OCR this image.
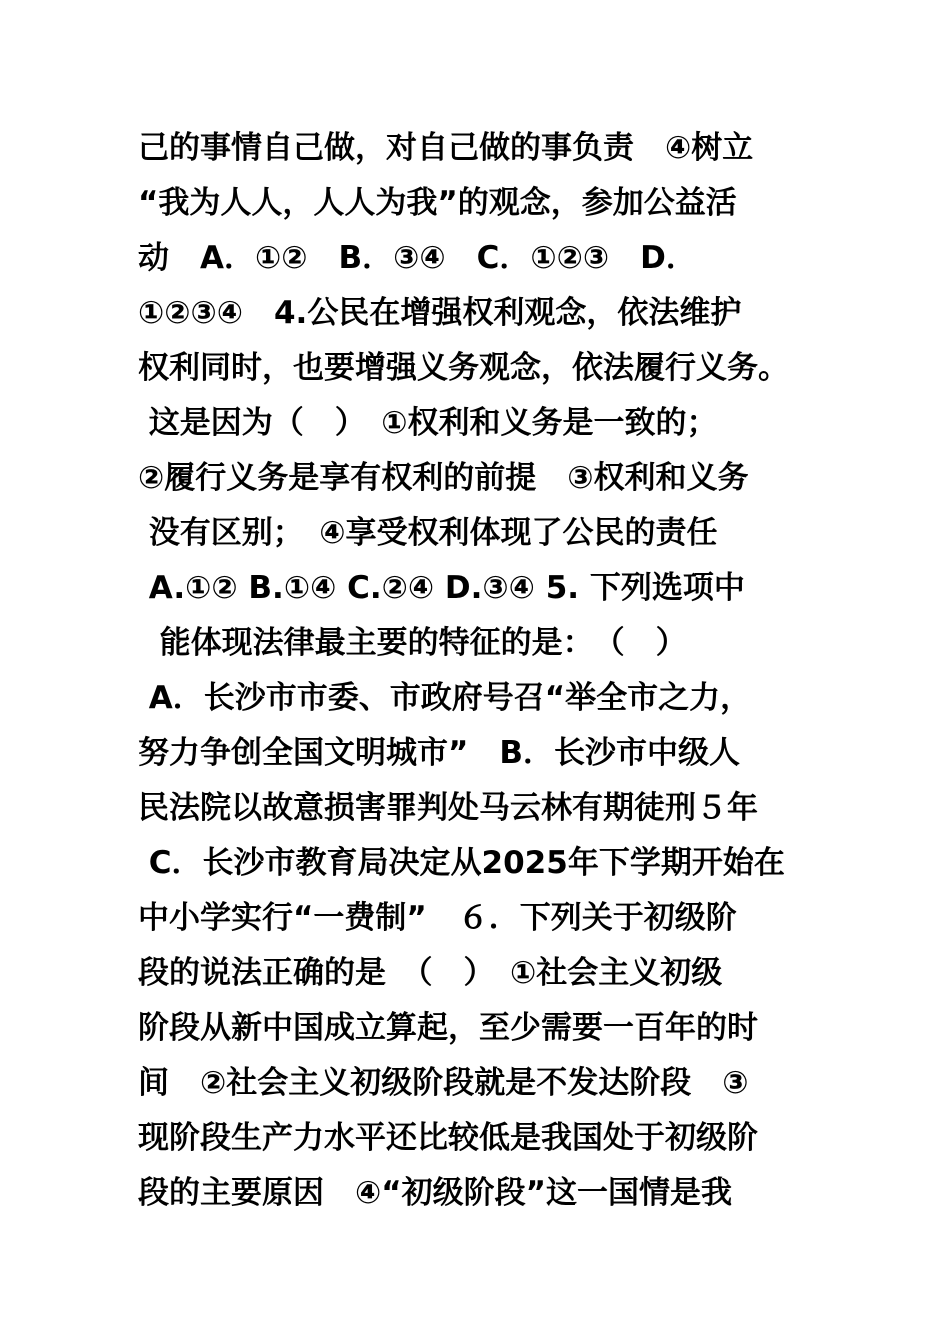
己的事情自己做，对自己做的事负责　④树立
“我为人人，人人为我”的观念，参加公益活
动　A．①②　B．③④　C．①②③　D．
①②③④　4.公民在增强权利观念，依法维护
权利同时，也要增强义务观念，依法履行义务。
这是因为（　）　①权利和义务是一致的；
②履行义务是享有权利的前提　③权利和义务
没有区别；　④享受权利体现了公民的责任
A.①② B.①④ C.②④ D.③④ 5. 下列选项中
能体现法律最主要的特征的是：　（　）
A．长沙市市委、市政府号召“举全市之力，
努力争创全国文明城市”　B．长沙市中级人
民法院以故意损害罪判处马云林有期徒刑５年
C．长沙市教育局决定从2025年下学期开始在
中小学实行“一费制”　６．下列关于初级阶
段的说法正确的是　（　）　①社会主义初级
阶段从新中国成立算起，至少需要一百年的时
间　②社会主义初级阶段就是不发达阶段　③
现阶段生产力水平还比较低是我国处于初级阶
段的主要原因　④“初级阶段”这一国情是我
